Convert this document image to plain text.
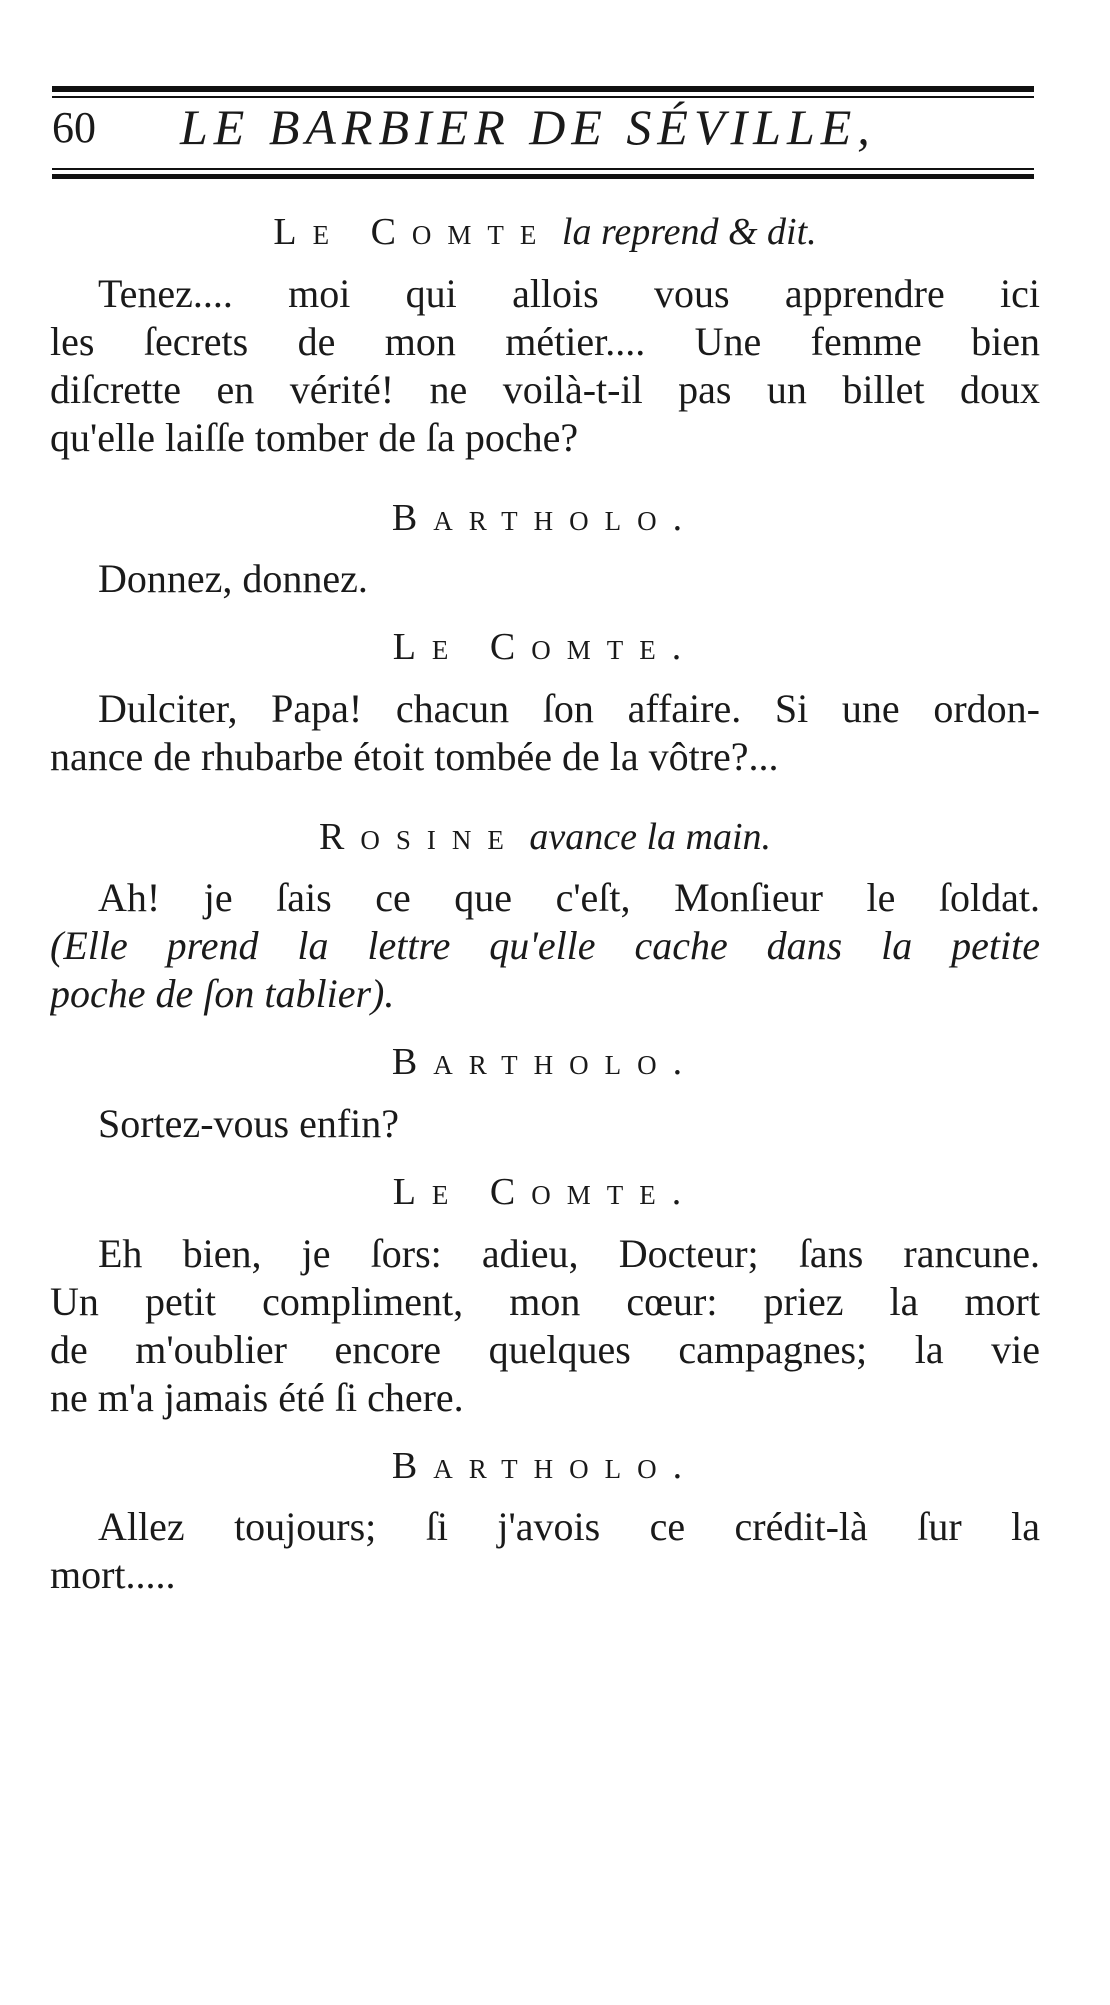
60 LE BARBIER DE SÉVILLE,

Le Comte la reprend & dit.

Tenez.... moi qui allois vous apprendre ici

les ſecrets de mon métier.... Une femme bien

diſcrette en vérité! ne voilà-t-il pas un billet doux

qu'elle laiſſe tomber de ſa poche?

Bartholo.

Donnez, donnez.

Le Comte.

Dulciter, Papa! chacun ſon affaire. Si une ordon-

nance de rhubarbe étoit tombée de la vôtre?...

Rosine avance la main.

Ah! je ſais ce que c'eſt, Monſieur le ſoldat.

(Elle prend la lettre qu'elle cache dans la petite

poche de ſon tablier).

Bartholo.

Sortez-vous enfin?

Le Comte.

Eh bien, je ſors: adieu, Docteur; ſans rancune.

Un petit compliment, mon cœur: priez la mort

de m'oublier encore quelques campagnes; la vie

ne m'a jamais été ſi chere.

Bartholo.

Allez toujours; ſi j'avois ce crédit-là ſur la

mort.....
